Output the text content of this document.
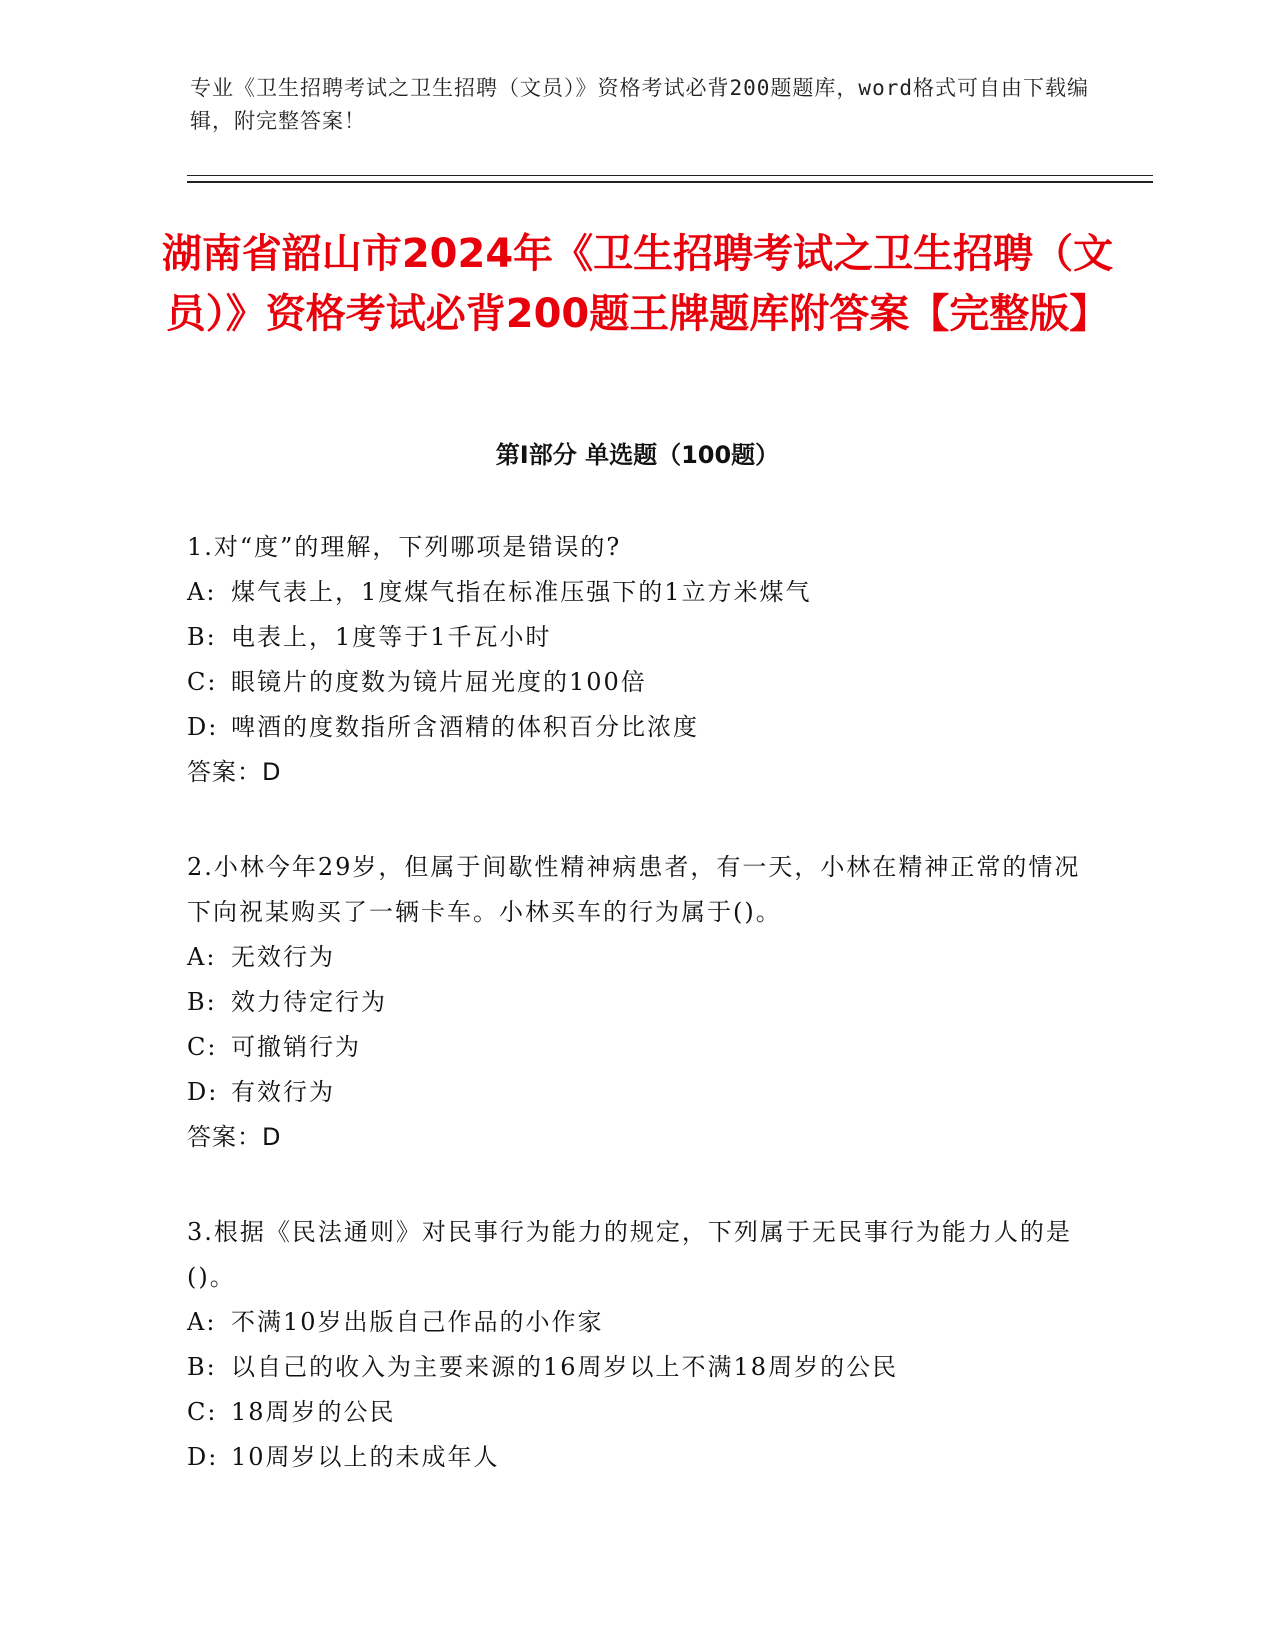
专业《卫生招聘考试之卫生招聘（文员）》资格考试必背200题题库，word格式可自由下载编辑，附完整答案！
湖南省韶山市2024年《卫生招聘考试之卫生招聘（文员）》资格考试必背200题王牌题库附答案【完整版】
第Ⅰ部分 单选题（100题）
1.对“度”的理解，下列哪项是错误的?
A: 煤气表上，1度煤气指在标准压强下的1立方米煤气
B: 电表上，1度等于1千瓦小时
C: 眼镜片的度数为镜片屈光度的100倍
D: 啤酒的度数指所含酒精的体积百分比浓度
答案：D
2.小林今年29岁，但属于间歇性精神病患者，有一天，小林在精神正常的情况下向祝某购买了一辆卡车。小林买车的行为属于()。
A: 无效行为
B: 效力待定行为
C: 可撤销行为
D: 有效行为
答案：D
3.根据《民法通则》对民事行为能力的规定，下列属于无民事行为能力人的是()。
A: 不满10岁出版自己作品的小作家
B: 以自己的收入为主要来源的16周岁以上不满18周岁的公民
C: 18周岁的公民
D: 10周岁以上的未成年人
